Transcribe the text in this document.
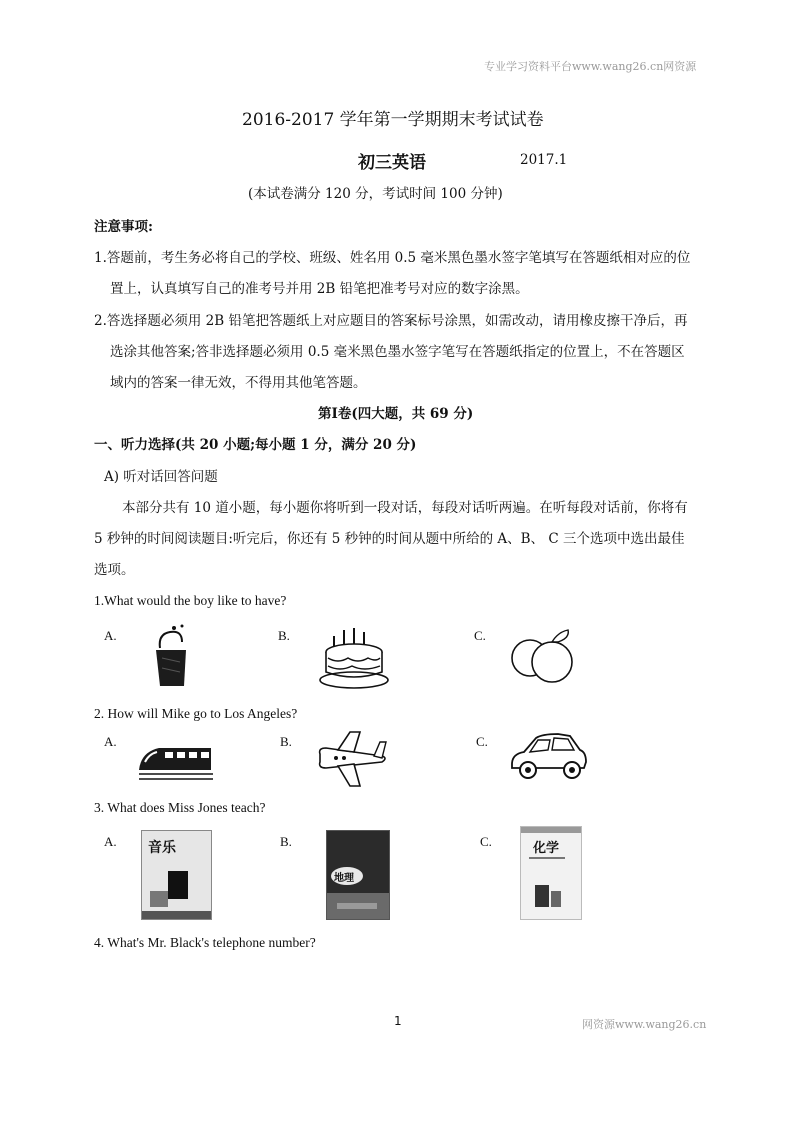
专业学习资料平台www.wang26.cn网资源
2016-2017 学年第一学期期末考试试卷
初三英语	2017.1
(本试卷满分 120 分，考试时间 100 分钟)
注意事项:
1.答题前，考生务必将自己的学校、班级、姓名用 0.5 毫米黑色墨水签字笔填写在答题纸相对应的位
置上，认真填写自己的准考号并用 2B 铅笔把准考号对应的数字涂黑。
2.答选择题必须用 2B 铅笔把答题纸上对应题目的答案标号涂黑，如需改动，请用橡皮擦干净后，再
选涂其他答案;答非选择题必须用 0.5 毫米黑色墨水签字笔写在答题纸指定的位置上，不在答题区
域内的答案一律无效，不得用其他笔答题。
第Ⅰ卷(四大题，共 69 分)
一、听力选择(共 20 小题;每小题 1 分，满分 20 分)
A) 听对话回答问题
本部分共有 10 道小题，每小题你将听到一段对话，每段对话听两遍。在听每段对话前，你将有
5 秒钟的时间阅读题目:听完后，你还有 5 秒钟的时间从题中所给的 A、B、 C 三个选项中选出最佳
选项。
1.What would the boy like to have?
A.	B.	C.
2. How will Mike go to Los Angeles?
A.	B.	C.
3. What does Miss Jones teach?
A.	B.	C.
音乐
地理
化学
4. What's Mr. Black's telephone number?
1	网资源www.wang26.cn
